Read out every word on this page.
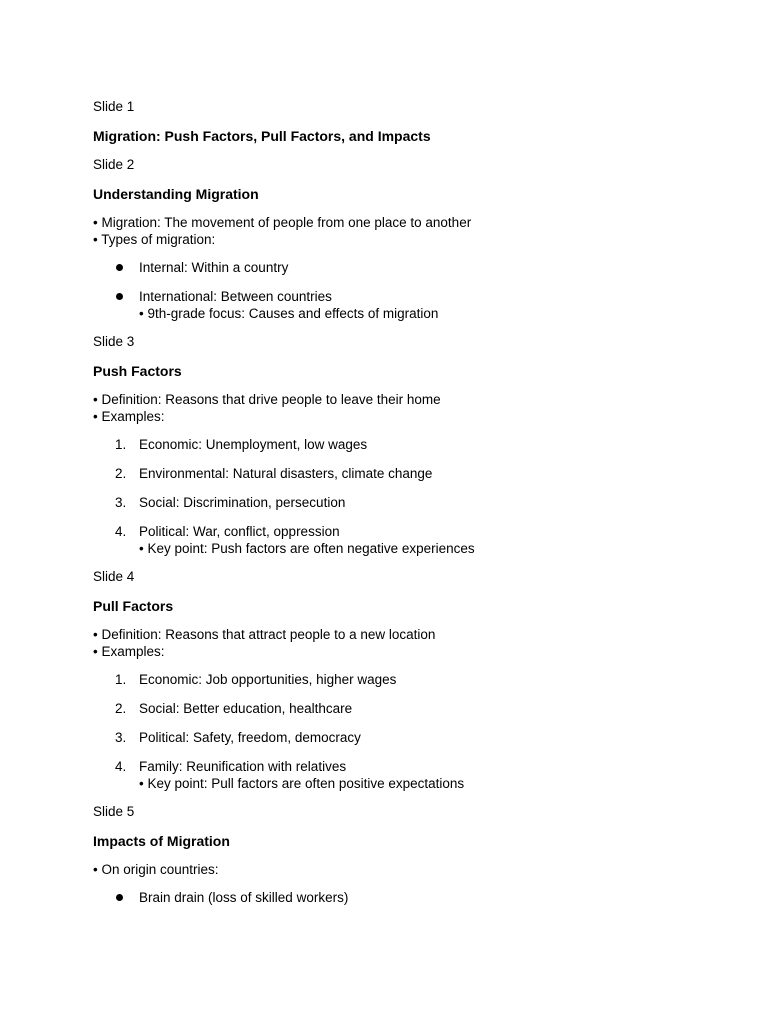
Slide 1
Migration: Push Factors, Pull Factors, and Impacts
Slide 2
Understanding Migration
• Migration: The movement of people from one place to another
• Types of migration:
Internal: Within a country
International: Between countries
• 9th-grade focus: Causes and effects of migration
Slide 3
Push Factors
• Definition: Reasons that drive people to leave their home
• Examples:
1. Economic: Unemployment, low wages
2. Environmental: Natural disasters, climate change
3. Social: Discrimination, persecution
4. Political: War, conflict, oppression
• Key point: Push factors are often negative experiences
Slide 4
Pull Factors
• Definition: Reasons that attract people to a new location
• Examples:
1. Economic: Job opportunities, higher wages
2. Social: Better education, healthcare
3. Political: Safety, freedom, democracy
4. Family: Reunification with relatives
• Key point: Pull factors are often positive expectations
Slide 5
Impacts of Migration
• On origin countries:
Brain drain (loss of skilled workers)
